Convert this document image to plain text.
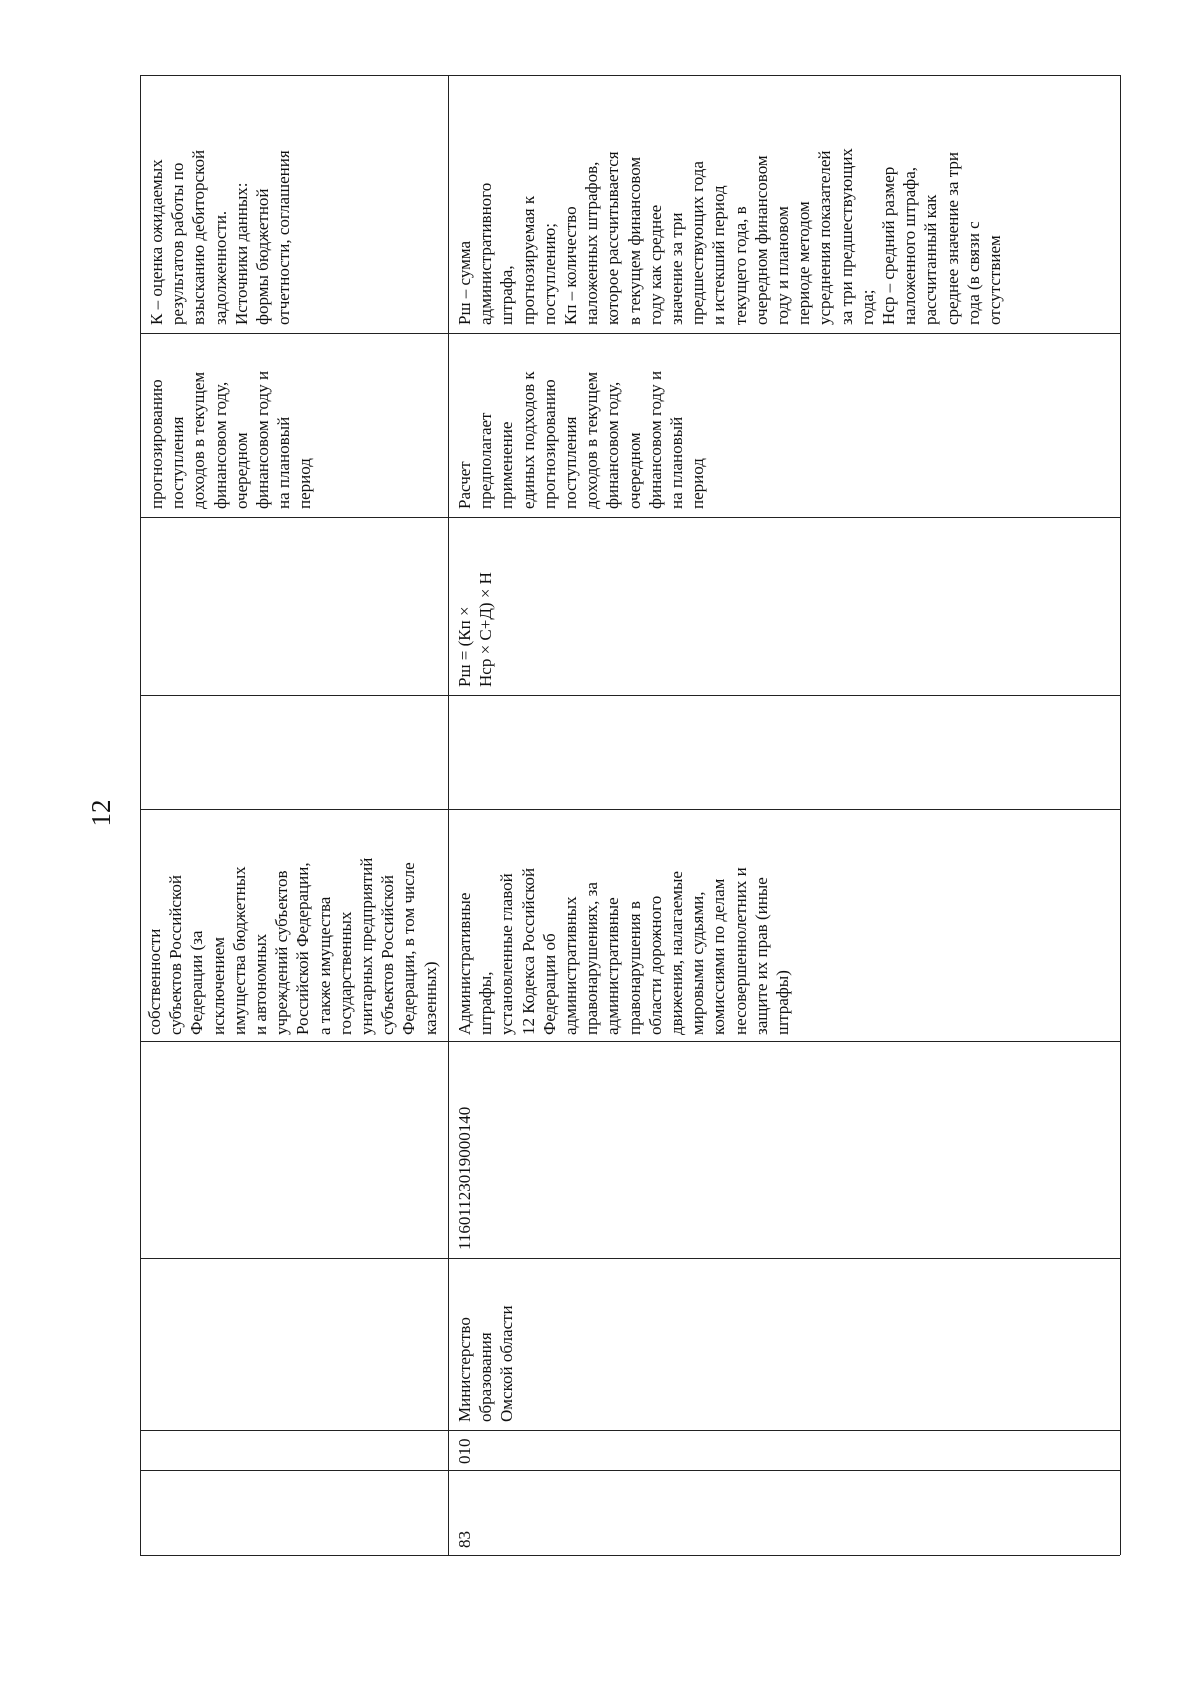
12
К – оценка ожидаемых
результатов работы по
взысканию дебиторской
задолженности.
Источники данных:
формы бюджетной
отчетности, соглашения
прогнозированию
поступления
доходов в текущем
финансовом году,
очередном
финансовом году и
на плановый
период
собственности
субъектов Российской
Федерации (за
исключением
имущества бюджетных
и автономных
учреждений субъектов
Российской Федерации,
а также имущества
государственных
унитарных предприятий
субъектов Российской
Федерации, в том числе
казенных)
Рш – сумма
административного
штрафа,
прогнозируемая к
поступлению;
Кп – количество
наложенных штрафов,
которое рассчитывается
в текущем финансовом
году как среднее
значение за три
предшествующих года
и истекший период
текущего года, в
очередном финансовом
году и плановом
периоде методом
усреднения показателей
за три предшествующих
года;
Нср – средний размер
наложенного штрафа,
рассчитанный как
среднее значение за три
года (в связи с
отсутствием
Расчет
предполагает
применение
единых подходов к
прогнозированию
поступления
доходов в текущем
финансовом году,
очередном
финансовом году и
на плановый
период
Рш = (Кп ×
Нср × С+Д) × Н
Административные
штрафы,
установленные главой
12 Кодекса Российской
Федерации об
административных
правонарушениях, за
административные
правонарушения в
области дорожного
движения, налагаемые
мировыми судьями,
комиссиями по делам
несовершеннолетних и
защите их прав (иные
штрафы)
11601123019000140
Министерство
образования
Омской области
010
83
